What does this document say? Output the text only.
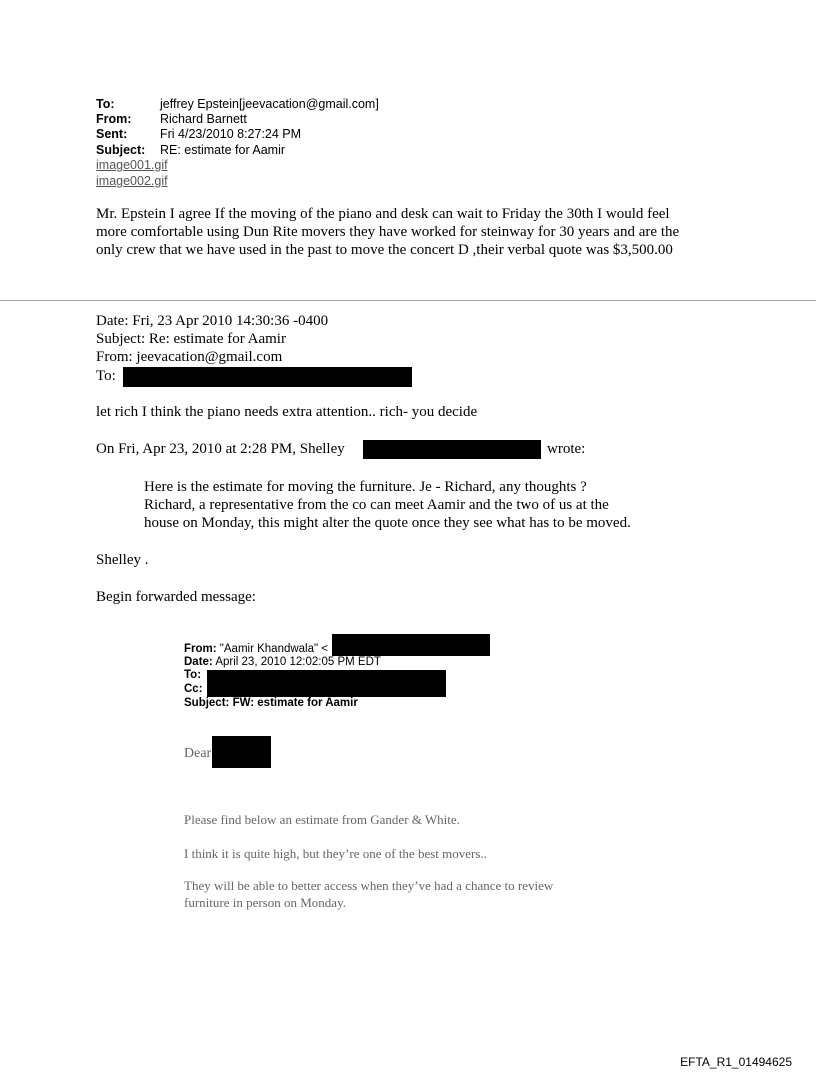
To:	jeffrey Epstein[jeevacation@gmail.com]
From: Richard Barnett
Sent:	Fri 4/23/2010 8:27:24 PM
Subject: RE: estimate for Aamir
image001.gif
image002.gif
Mr. Epstein I agree If the moving of the piano and desk can wait to Friday the 30th I would feel
more comfortable using Dun Rite movers they have worked for steinway for 30 years and are the
only crew that we have used in the past to move the concert D ,their verbal quote was $3,500.00
Date: Fri, 23 Apr 2010 14:30:36 -0400
Subject: Re: estimate for Aamir
From: jeevacation@gmail.com
To:
let rich I think the piano needs extra attention.. rich- you decide
On Fri, Apr 23, 2010 at 2:28 PM, Shelley	wrote:
Here is the estimate for moving the furniture. Je - Richard, any thoughts ?
Richard, a representative from the co can meet Aamir and the two of us at the
house on Monday, this might alter the quote once they see what has to be moved.
Shelley .
Begin forwarded message:
From: "Aamir Khandwala" <
Date: April 23, 2010 12:02:05 PM EDT
To:
Cc:
Subject: FW: estimate for Aamir
Dear
Please find below an estimate from Gander & White.
I think it is quite high, but they’re one of the best movers..
They will be able to better access when they’ve had a chance to review
furniture in person on Monday.
EFTA_R1_01494625
